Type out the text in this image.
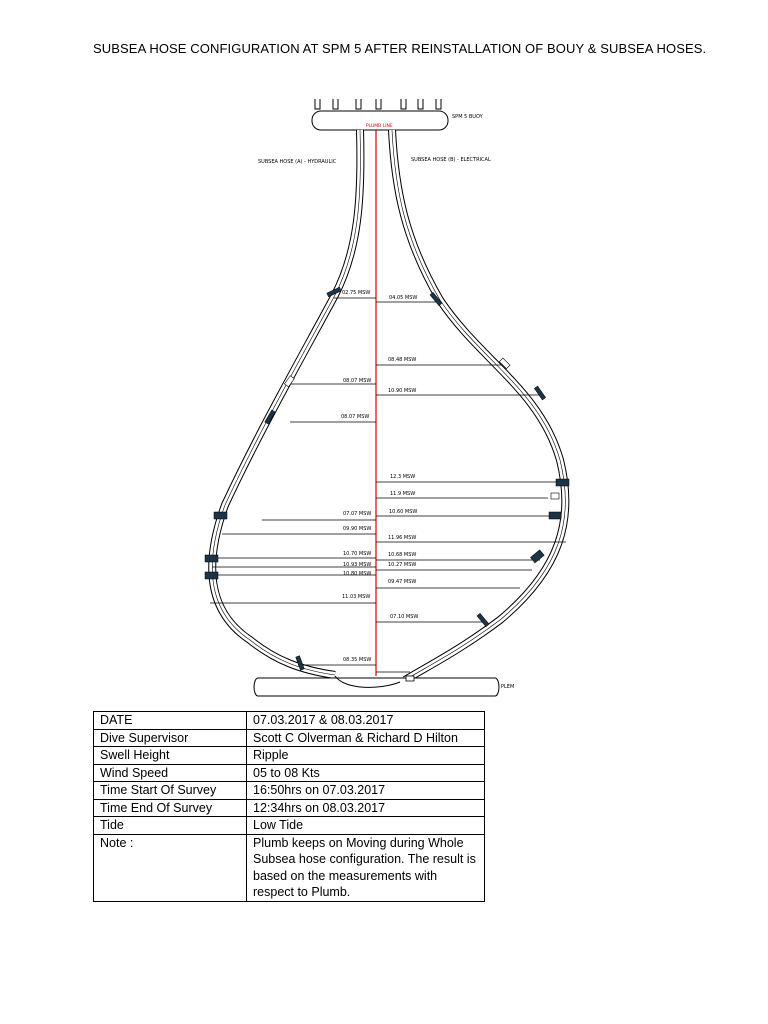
SUBSEA HOSE CONFIGURATION AT SPM 5 AFTER REINSTALLATION OF BOUY & SUBSEA HOSES.
SPM 5 BUOY
PLUMB LINE
SUBSEA HOSE (A) - HYDRAULIC	SUBSEA HOSE (B) - ELECTRICAL
PLEM
02.75 MSW
08.07 MSW
08.07 MSW
07.07 MSW
09.90 MSW
10.70 MSW
10.93 MSW
10.80 MSW
11.03 MSW
08.35 MSW
04.05 MSW
08.48 MSW
10.90 MSW
12.3 MSW
11.9 MSW
10.60 MSW
11.96 MSW
10.68 MSW
10.27 MSW
09.47 MSW
07.10 MSW
DATE	07.03.2017 & 08.03.2017
Dive Supervisor	Scott C Olverman & Richard D Hilton
Swell Height	Ripple
Wind Speed	05 to 08 Kts
Time Start Of Survey	16:50hrs on 07.03.2017
Time End Of Survey	12:34hrs on 08.03.2017
Tide	Low Tide
Note :	Plumb keeps on Moving during Whole Subsea hose configuration. The result is based on the measurements with respect to Plumb.
